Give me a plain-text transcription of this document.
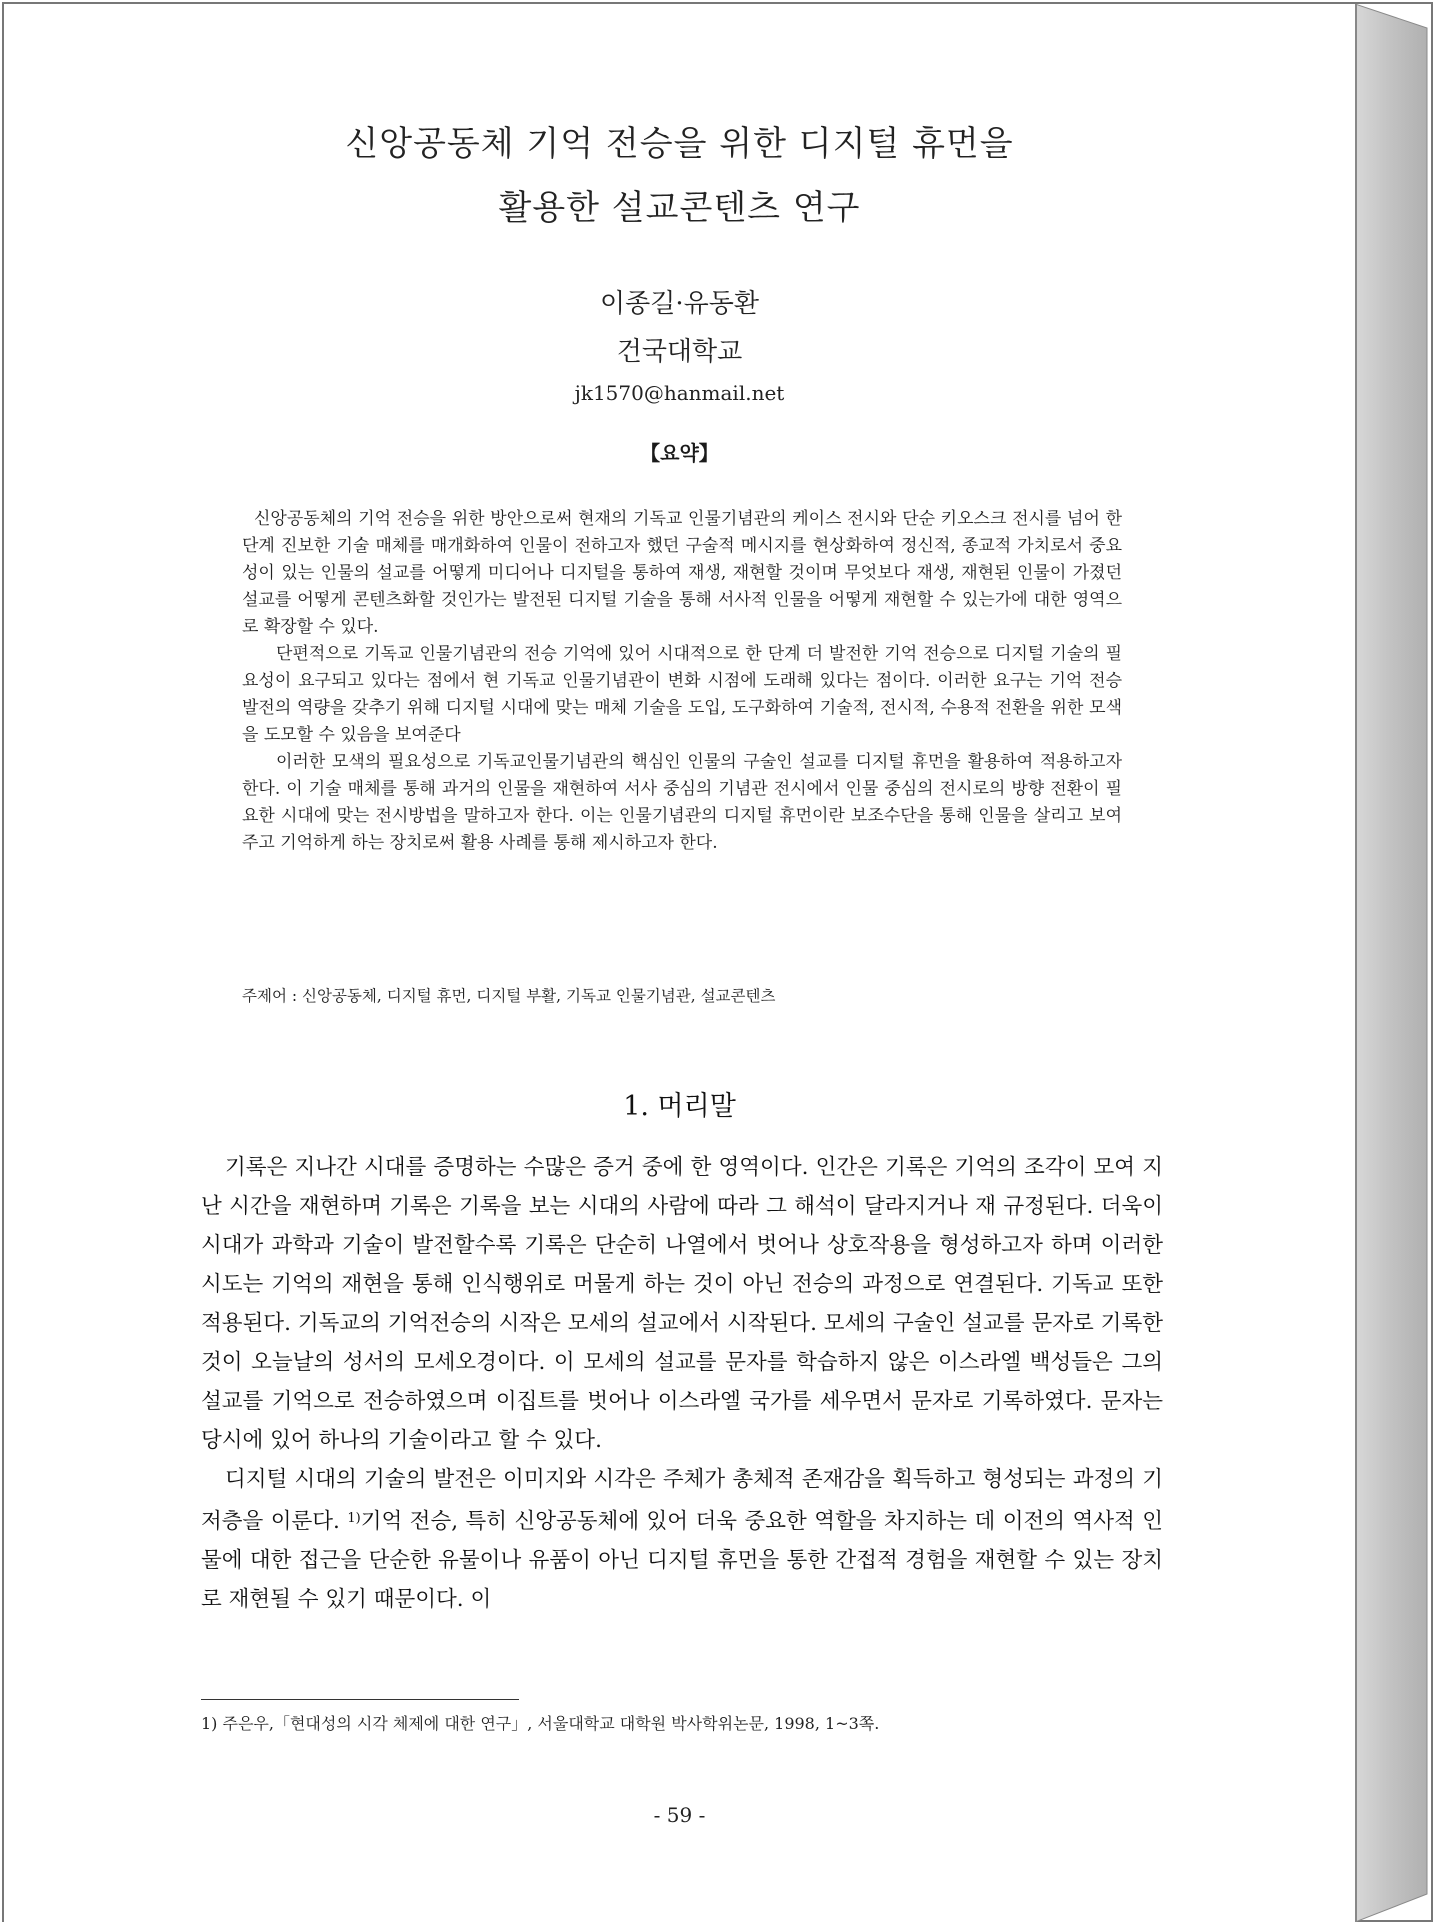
신앙공동체 기억 전승을 위한 디지털 휴먼을
활용한 설교콘텐츠 연구
이종길·유동환
건국대학교
jk1570@hanmail.net
【요약】

신앙공동체의 기억 전승을 위한 방안으로써 현재의 기독교 인물기념관의 케이스 전시와 단순 키오스크 전시를 넘어 한 단계 진보한 기술 매체를 매개화하여 인물이 전하고자 했던 구술적 메시지를 현상화하여 정신적, 종교적 가치로서 중요성이 있는 인물의 설교를 어떻게 미디어나 디지털을 통하여 재생, 재현할 것이며 무엇보다 재생, 재현된 인물이 가졌던 설교를 어떻게 콘텐츠화할 것인가는 발전된 디지털 기술을 통해 서사적 인물을 어떻게 재현할 수 있는가에 대한 영역으로 확장할 수 있다.

단편적으로 기독교 인물기념관의 전승 기억에 있어 시대적으로 한 단계 더 발전한 기억 전승으로 디지털 기술의 필요성이 요구되고 있다는 점에서 현 기독교 인물기념관이 변화 시점에 도래해 있다는 점이다. 이러한 요구는 기억 전승 발전의 역량을 갖추기 위해 디지털 시대에 맞는 매체 기술을 도입, 도구화하여 기술적, 전시적, 수용적 전환을 위한 모색을 도모할 수 있음을 보여준다

이러한 모색의 필요성으로 기독교인물기념관의 핵심인 인물의 구술인 설교를 디지털 휴먼을 활용하여 적용하고자 한다. 이 기술 매체를 통해 과거의 인물을 재현하여 서사 중심의 기념관 전시에서 인물 중심의 전시로의 방향 전환이 필요한 시대에 맞는 전시방법을 말하고자 한다. 이는 인물기념관의 디지털 휴먼이란 보조수단을 통해 인물을 살리고 보여주고 기억하게 하는 장치로써 활용 사례를 통해 제시하고자 한다.

주제어 : 신앙공동체, 디지털 휴먼, 디지털 부활, 기독교 인물기념관, 설교콘텐츠
1. 머리말

기록은 지나간 시대를 증명하는 수많은 증거 중에 한 영역이다. 인간은 기록은 기억의 조각이 모여 지난 시간을 재현하며 기록은 기록을 보는 시대의 사람에 따라 그 해석이 달라지거나 재 규정된다. 더욱이 시대가 과학과 기술이 발전할수록 기록은 단순히 나열에서 벗어나 상호작용을 형성하고자 하며 이러한 시도는 기억의 재현을 통해 인식행위로 머물게 하는 것이 아닌 전승의 과정으로 연결된다. 기독교 또한 적용된다. 기독교의 기억전승의 시작은 모세의 설교에서 시작된다. 모세의 구술인 설교를 문자로 기록한 것이 오늘날의 성서의 모세오경이다. 이 모세의 설교를 문자를 학습하지 않은 이스라엘 백성들은 그의 설교를 기억으로 전승하였으며 이집트를 벗어나 이스라엘 국가를 세우면서 문자로 기록하였다. 문자는 당시에 있어 하나의 기술이라고 할 수 있다.

디지털 시대의 기술의 발전은 이미지와 시각은 주체가 총체적 존재감을 획득하고 형성되는 과정의 기저층을 이룬다. $^{1)}$기억 전승, 특히 신앙공동체에 있어 더욱 중요한 역할을 차지하는 데 이전의 역사적 인물에 대한 접근을 단순한 유물이나 유품이 아닌 디지털 휴먼을 통한 간접적 경험을 재현할 수 있는 장치로 재현될 수 있기 때문이다. 이

1) 주은우,「현대성의 시각 체제에 대한 연구」, 서울대학교 대학원 박사학위논문, 1998, 1~3쪽.
- 59 -
